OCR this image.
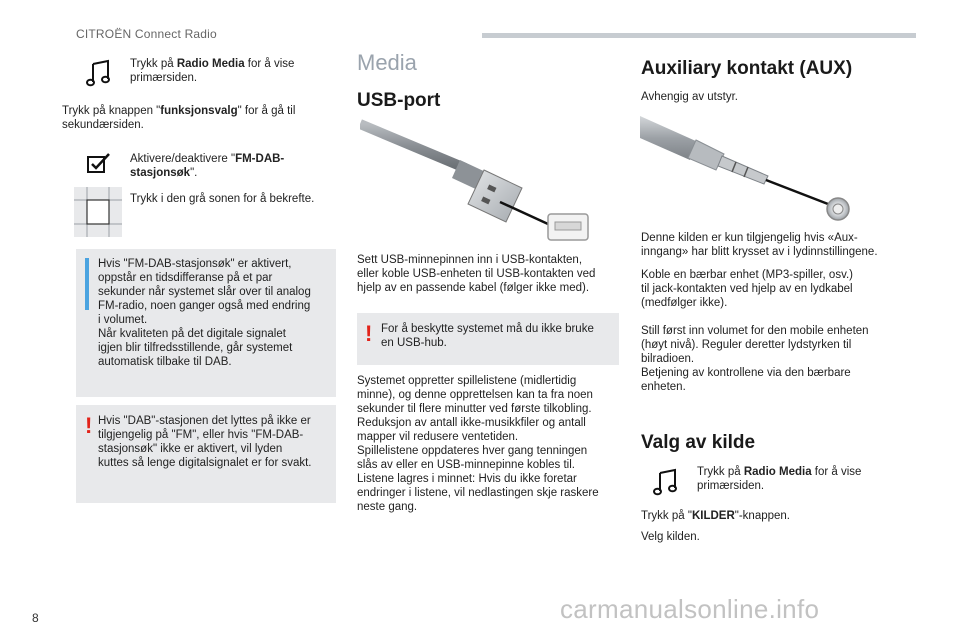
CITROËN Connect Radio
Trykk på Radio Media for å vise primærsiden.
Trykk på knappen "funksjonsvalg" for å gå til sekundærsiden.
Aktivere/deaktivere "FM-DAB-stasjonsøk".
Trykk i den grå sonen for å bekrefte.
Hvis "FM-DAB-stasjonsøk" er aktivert,
oppstår en tidsdifferanse på et par
sekunder når systemet slår over til analog
FM-radio, noen ganger også med endring
i volumet.
Når kvaliteten på det digitale signalet
igjen blir tilfredsstillende, går systemet
automatisk tilbake til DAB.
! Hvis "DAB"-stasjonen det lyttes på ikke er
tilgjengelig på "FM", eller hvis "FM-DAB-
stasjonsøk" ikke er aktivert, vil lyden
kuttes så lenge digitalsignalet er for svakt.
Media
USB-port
Sett USB-minnepinnen inn i USB-kontakten,
eller koble USB-enheten til USB-kontakten ved
hjelp av en passende kabel (følger ikke med).
! For å beskytte systemet må du ikke bruke
en USB-hub.
Systemet oppretter spillelistene (midlertidig
minne), og denne opprettelsen kan ta fra noen
sekunder til flere minutter ved første tilkobling.
Reduksjon av antall ikke-musikkfiler og antall
mapper vil redusere ventetiden.
Spillelistene oppdateres hver gang tenningen
slås av eller en USB-minnepinne kobles til.
Listene lagres i minnet: Hvis du ikke foretar
endringer i listene, vil nedlastingen skje raskere
neste gang.
Auxiliary kontakt (AUX)
Avhengig av utstyr.
Denne kilden er kun tilgjengelig hvis «Aux-
inngang» har blitt krysset av i lydinnstillingene.
Koble en bærbar enhet (MP3-spiller, osv.)
til jack-kontakten ved hjelp av en lydkabel
(medfølger ikke).
Still først inn volumet for den mobile enheten
(høyt nivå). Reguler deretter lydstyrken til
bilradioen.
Betjening av kontrollene via den bærbare
enheten.
Valg av kilde
Trykk på Radio Media for å vise primærsiden.
Trykk på "KILDER"-knappen.
Velg kilden.
8	carmanualsonline.info
